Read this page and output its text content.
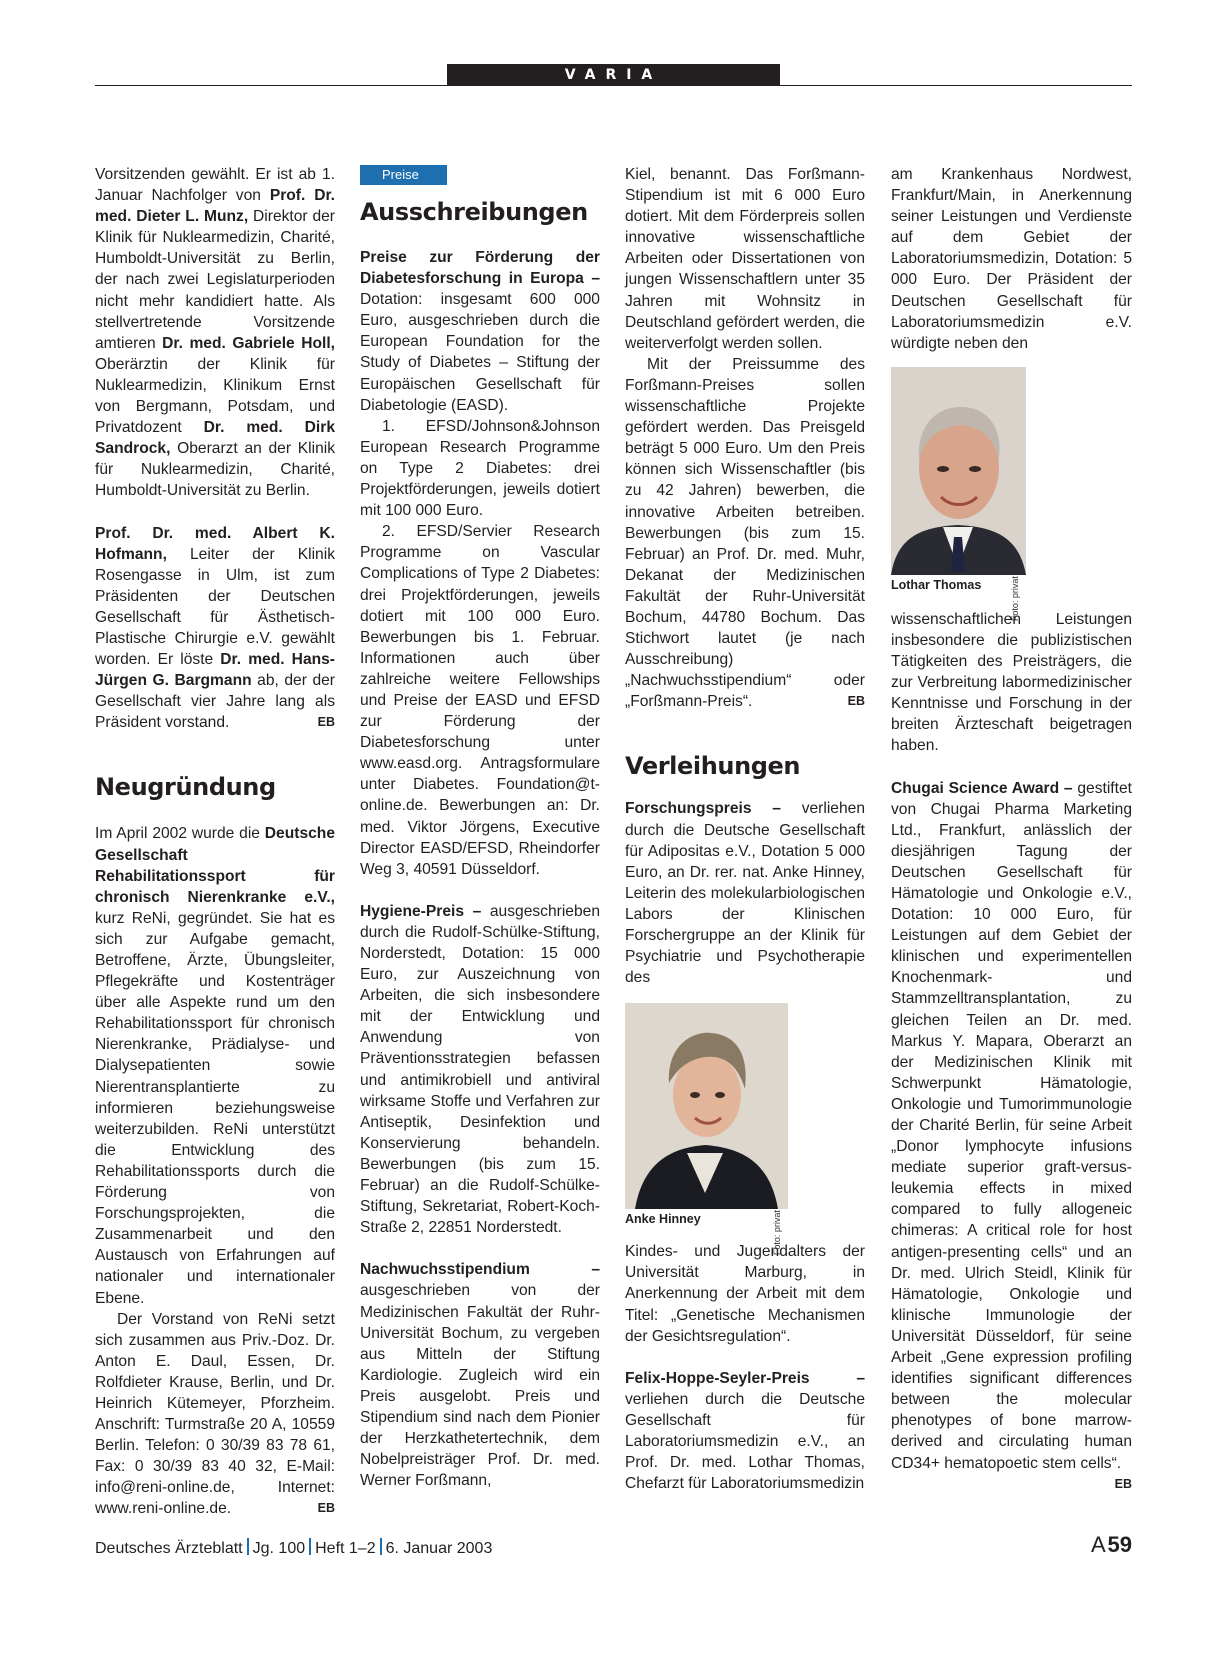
VARIA

Vorsitzenden gewählt. Er ist ab 1. Januar Nachfolger von Prof. Dr. med. Dieter L. Munz, Direktor der Klinik für Nuklearmedizin, Charité, Humboldt-Universität zu Berlin, der nach zwei Legislaturperioden nicht mehr kandidiert hatte. Als stellvertretende Vorsitzende amtieren Dr. med. Gabriele Holl, Oberärztin der Klinik für Nuklearmedizin, Klinikum Ernst von Bergmann, Potsdam, und Privatdozent Dr. med. Dirk Sandrock, Oberarzt an der Klinik für Nuklearmedizin, Charité, Humboldt-Universität zu Berlin.

Prof. Dr. med. Albert K. Hofmann, Leiter der Klinik Rosengasse in Ulm, ist zum Präsidenten der Deutschen Gesellschaft für Ästhetisch-Plastische Chirurgie e.V. gewählt worden. Er löste Dr. med. Hans-Jürgen G. Bargmann ab, der der Gesellschaft vier Jahre lang als Präsident vorstand.	EB

Neugründung

Im April 2002 wurde die Deutsche Gesellschaft Rehabilitationssport für chronisch Nierenkranke e.V., kurz ReNi, gegründet. Sie hat es sich zur Aufgabe gemacht, Betroffene, Ärzte, Übungsleiter, Pflegekräfte und Kostenträger über alle Aspekte rund um den Rehabilitationssport für chronisch Nierenkranke, Prädialyse- und Dialysepatienten sowie Nierentransplantierte zu informieren beziehungsweise weiterzubilden. ReNi unterstützt die Entwicklung des Rehabilitationssports durch die Förderung von Forschungsprojekten, die Zusammenarbeit und den Austausch von Erfahrungen auf nationaler und internationaler Ebene.

Der Vorstand von ReNi setzt sich zusammen aus Priv.-Doz. Dr. Anton E. Daul, Essen, Dr. Rolfdieter Krause, Berlin, und Dr. Heinrich Kütemeyer, Pforzheim. Anschrift: Turmstraße 20 A, 10559 Berlin. Telefon: 0 30/39 83 78 61, Fax: 0 30/39 83 40 32, E-Mail: info@reni-online.de, Internet: www.reni-online.de.	EB

Preise
Ausschreibungen

Preise zur Förderung der Diabetesforschung in Europa – Dotation: insgesamt 600 000 Euro, ausgeschrieben durch die European Foundation for the Study of Diabetes – Stiftung der Europäischen Gesellschaft für Diabetologie (EASD).

1. EFSD/Johnson&Johnson European Research Programme on Type 2 Diabetes: drei Projektförderungen, jeweils dotiert mit 100 000 Euro.

2. EFSD/Servier Research Programme on Vascular Complications of Type 2 Diabetes: drei Projektförderungen, jeweils dotiert mit 100 000 Euro. Bewerbungen bis 1. Februar. Informationen auch über zahlreiche weitere Fellowships und Preise der EASD und EFSD zur Förderung der Diabetesforschung unter www.easd.org. Antragsformulare unter Diabetes. Foundation@t-online.de. Bewerbungen an: Dr. med. Viktor Jörgens, Executive Director EASD/EFSD, Rheindorfer Weg 3, 40591 Düsseldorf.

Hygiene-Preis – ausgeschrieben durch die Rudolf-Schülke-Stiftung, Norderstedt, Dotation: 15 000 Euro, zur Auszeichnung von Arbeiten, die sich insbesondere mit der Entwicklung und Anwendung von Präventionsstrategien befassen und antimikrobiell und antiviral wirksame Stoffe und Verfahren zur Antiseptik, Desinfektion und Konservierung behandeln. Bewerbungen (bis zum 15. Februar) an die Rudolf-Schülke-Stiftung, Sekretariat, Robert-Koch-Straße 2, 22851 Norderstedt.

Nachwuchsstipendium – ausgeschrieben von der Medizinischen Fakultät der Ruhr-Universität Bochum, zu vergeben aus Mitteln der Stiftung Kardiologie. Zugleich wird ein Preis ausgelobt. Preis und Stipendium sind nach dem Pionier der Herzkathetertechnik, dem Nobelpreisträger Prof. Dr. med. Werner Forßmann,

Kiel, benannt. Das Forßmann-Stipendium ist mit 6 000 Euro dotiert. Mit dem Förderpreis sollen innovative wissenschaftliche Arbeiten oder Dissertationen von jungen Wissenschaftlern unter 35 Jahren mit Wohnsitz in Deutschland gefördert werden, die weiterverfolgt werden sollen.

Mit der Preissumme des Forßmann-Preises sollen wissenschaftliche Projekte gefördert werden. Das Preisgeld beträgt 5 000 Euro. Um den Preis können sich Wissenschaftler (bis zu 42 Jahren) bewerben, die innovative Arbeiten betreiben. Bewerbungen (bis zum 15. Februar) an Prof. Dr. med. Muhr, Dekanat der Medizinischen Fakultät der Ruhr-Universität Bochum, 44780 Bochum. Das Stichwort lautet (je nach Ausschreibung) „Nachwuchsstipendium“ oder „Forßmann-Preis“.	EB

Verleihungen

Forschungspreis – verliehen durch die Deutsche Gesellschaft für Adipositas e.V., Dotation 5 000 Euro, an Dr. rer. nat. Anke Hinney, Leiterin des molekularbiologischen Labors der Klinischen Forschergruppe an der Klinik für Psychiatrie und Psychotherapie des

Foto: privat
Anke Hinney

Kindes- und Jugendalters der Universität Marburg, in Anerkennung der Arbeit mit dem Titel: „Genetische Mechanismen der Gesichtsregulation“.

Felix-Hoppe-Seyler-Preis – verliehen durch die Deutsche Gesellschaft für Laboratoriumsmedizin e.V., an Prof. Dr. med. Lothar Thomas, Chefarzt für Laboratoriumsmedizin

am Krankenhaus Nordwest, Frankfurt/Main, in Anerkennung seiner Leistungen und Verdienste auf dem Gebiet der Laboratoriumsmedizin, Dotation: 5 000 Euro. Der Präsident der Deutschen Gesellschaft für Laboratoriumsmedizin e.V. würdigte neben den

Foto: privat
Lothar Thomas

wissenschaftlichen Leistungen insbesondere die publizistischen Tätigkeiten des Preisträgers, die zur Verbreitung labormedizinischer Kenntnisse und Forschung in der breiten Ärzteschaft beigetragen haben.

Chugai Science Award – gestiftet von Chugai Pharma Marketing Ltd., Frankfurt, anlässlich der diesjährigen Tagung der Deutschen Gesellschaft für Hämatologie und Onkologie e.V., Dotation: 10 000 Euro, für Leistungen auf dem Gebiet der klinischen und experimentellen Knochenmark- und Stammzelltransplantation, zu gleichen Teilen an Dr. med. Markus Y. Mapara, Oberarzt an der Medizinischen Klinik mit Schwerpunkt Hämatologie, Onkologie und Tumorimmunologie der Charité Berlin, für seine Arbeit „Donor lymphocyte infusions mediate superior graft-versus-leukemia effects in mixed compared to fully allogeneic chimeras: A critical role for host antigen-presenting cells“ und an Dr. med. Ulrich Steidl, Klinik für Hämatologie, Onkologie und klinische Immunologie der Universität Düsseldorf, für seine Arbeit „Gene expression profiling identifies significant differences between the molecular phenotypes of bone marrow-derived and circulating human CD34+ hematopoetic stem cells“.
EB

Deutsches Ärzteblatt Jg. 100 Heft 1–2 6. Januar 2003	A 59
